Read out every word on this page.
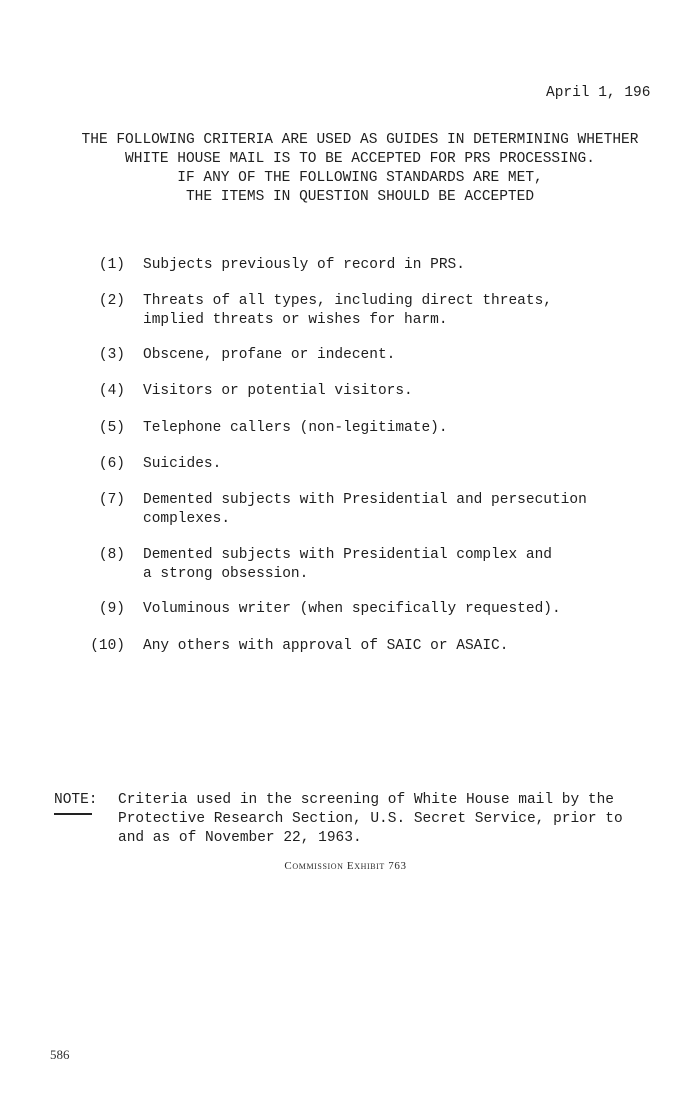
April 1, 196
THE FOLLOWING CRITERIA ARE USED AS GUIDES IN DETERMINING WHETHER
WHITE HOUSE MAIL IS TO BE ACCEPTED FOR PRS PROCESSING.
IF ANY OF THE FOLLOWING STANDARDS ARE MET,
THE ITEMS IN QUESTION SHOULD BE ACCEPTED
(1) Subjects previously of record in PRS.
(2) Threats of all types, including direct threats,
implied threats or wishes for harm.
(3) Obscene, profane or indecent.
(4) Visitors or potential visitors.
(5) Telephone callers (non-legitimate).
(6) Suicides.
(7) Demented subjects with Presidential and persecution
complexes.
(8) Demented subjects with Presidential complex and
a strong obsession.
(9) Voluminous writer (when specifically requested).
(10) Any others with approval of SAIC or ASAIC.
NOTE: Criteria used in the screening of White House mail by the
Protective Research Section, U.S. Secret Service, prior to
and as of November 22, 1963.
Commission Exhibit 763
586
